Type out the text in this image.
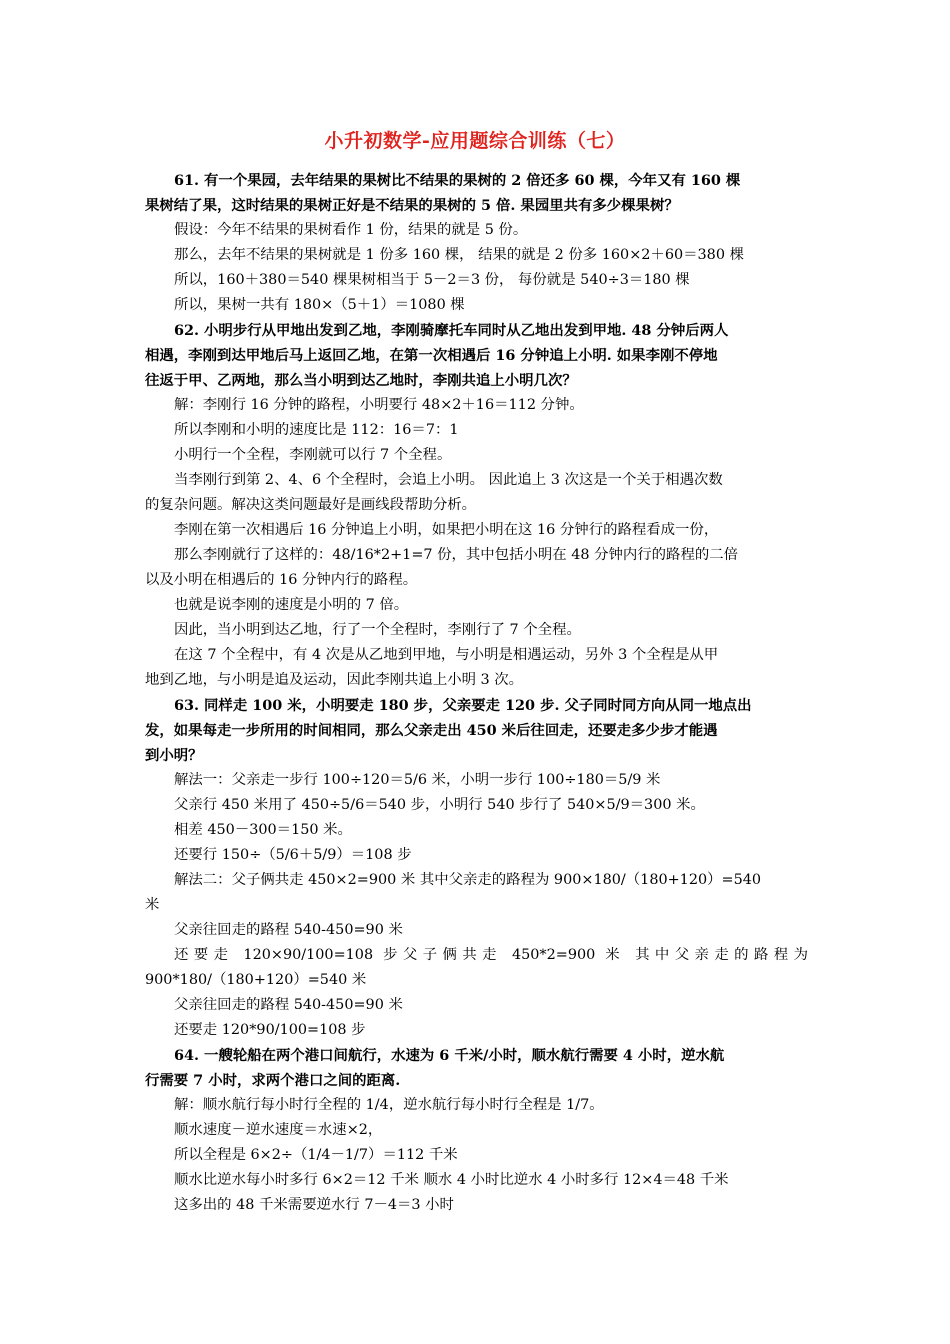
小升初数学-应用题综合训练（七）
61. 有一个果园，去年结果的果树比不结果的果树的 2 倍还多 60 棵，今年又有 160 棵
果树结了果，这时结果的果树正好是不结果的果树的 5 倍. 果园里共有多少棵果树？
假设：今年不结果的果树看作 1 份，结果的就是 5 份。
那么，去年不结果的果树就是 1 份多 160 棵， 结果的就是 2 份多 160×2＋60＝380 棵
所以，160＋380＝540 棵果树相当于 5－2＝3 份， 每份就是 540÷3＝180 棵
所以，果树一共有 180×（5＋1）＝1080 棵
62. 小明步行从甲地出发到乙地，李刚骑摩托车同时从乙地出发到甲地. 48 分钟后两人
相遇，李刚到达甲地后马上返回乙地，在第一次相遇后 16 分钟追上小明. 如果李刚不停地
往返于甲、乙两地，那么当小明到达乙地时，李刚共追上小明几次？
解：李刚行 16 分钟的路程，小明要行 48×2＋16＝112 分钟。
所以李刚和小明的速度比是 112：16＝7：1
小明行一个全程，李刚就可以行 7 个全程。
当李刚行到第 2、4、6 个全程时，会追上小明。 因此追上 3 次这是一个关于相遇次数
的复杂问题。解决这类问题最好是画线段帮助分析。
李刚在第一次相遇后 16 分钟追上小明，如果把小明在这 16 分钟行的路程看成一份，
那么李刚就行了这样的：48/16*2+1=7 份，其中包括小明在 48 分钟内行的路程的二倍
以及小明在相遇后的 16 分钟内行的路程。
也就是说李刚的速度是小明的 7 倍。
因此，当小明到达乙地，行了一个全程时，李刚行了 7 个全程。
在这 7 个全程中，有 4 次是从乙地到甲地，与小明是相遇运动，另外 3 个全程是从甲
地到乙地，与小明是追及运动，因此李刚共追上小明 3 次。
63. 同样走 100 米，小明要走 180 步，父亲要走 120 步. 父子同时同方向从同一地点出
发，如果每走一步所用的时间相同，那么父亲走出 450 米后往回走，还要走多少步才能遇
到小明？
解法一：父亲走一步行 100÷120＝5/6 米，小明一步行 100÷180＝5/9 米
父亲行 450 米用了 450÷5/6＝540 步，小明行 540 步行了 540×5/9＝300 米。
相差 450－300＝150 米。
还要行 150÷（5/6＋5/9）＝108 步
解法二：父子俩共走 450×2=900 米 其中父亲走的路程为 900×180/（180+120）=540
米
父亲往回走的路程 540-450=90 米
还要走 120×90/100=108 步父子俩共走 450*2=900 米 其中父亲走的路程为
900*180/（180+120）=540 米
父亲往回走的路程 540-450=90 米
还要走 120*90/100=108 步
64. 一艘轮船在两个港口间航行，水速为 6 千米/小时，顺水航行需要 4 小时，逆水航
行需要 7 小时，求两个港口之间的距离.
解：顺水航行每小时行全程的 1/4，逆水航行每小时行全程是 1/7。
顺水速度－逆水速度＝水速×2，
所以全程是 6×2÷（1/4－1/7）＝112 千米
顺水比逆水每小时多行 6×2＝12 千米 顺水 4 小时比逆水 4 小时多行 12×4＝48 千米
这多出的 48 千米需要逆水行 7－4＝3 小时
